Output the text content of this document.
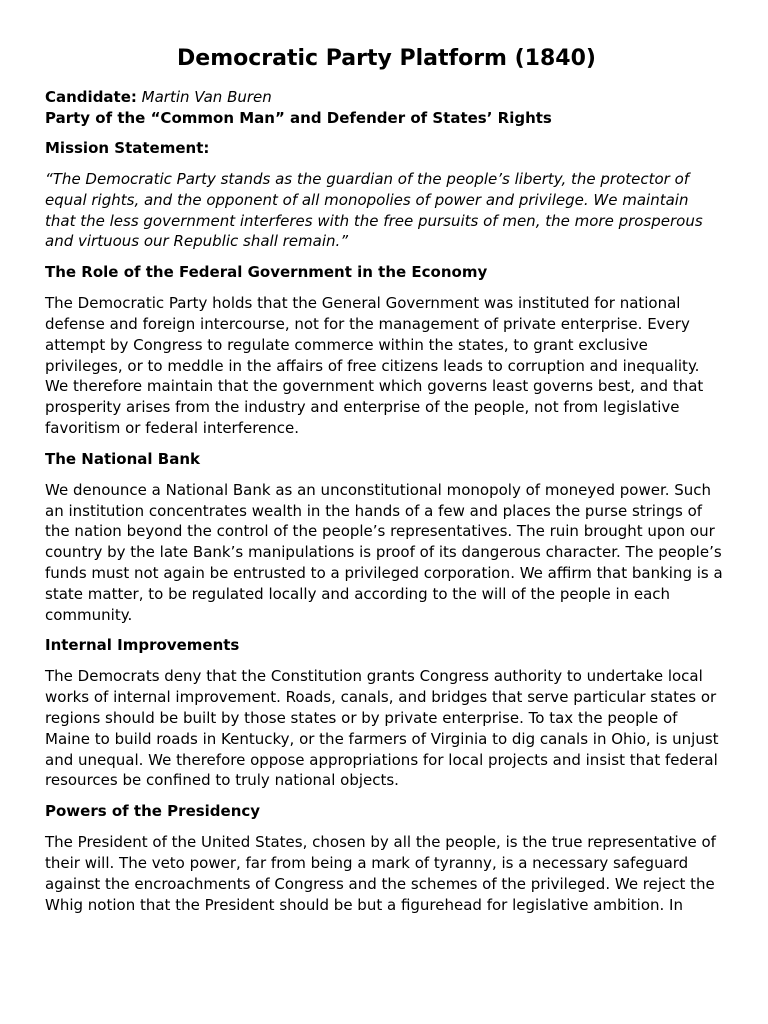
Democratic Party Platform (1840)
Candidate: Martin Van Buren
Party of the “Common Man” and Defender of States’ Rights
Mission Statement:

“The Democratic Party stands as the guardian of the people’s liberty, the protector of equal rights, and the opponent of all monopolies of power and privilege. We maintain that the less government interferes with the free pursuits of men, the more prosperous and virtuous our Republic shall remain.”

The Role of the Federal Government in the Economy

The Democratic Party holds that the General Government was instituted for national defense and foreign intercourse, not for the management of private enterprise. Every attempt by Congress to regulate commerce within the states, to grant exclusive privileges, or to meddle in the affairs of free citizens leads to corruption and inequality. We therefore maintain that the government which governs least governs best, and that prosperity arises from the industry and enterprise of the people, not from legislative favoritism or federal interference.

The National Bank

We denounce a National Bank as an unconstitutional monopoly of moneyed power. Such an institution concentrates wealth in the hands of a few and places the purse strings of the nation beyond the control of the people’s representatives. The ruin brought upon our country by the late Bank’s manipulations is proof of its dangerous character. The people’s funds must not again be entrusted to a privileged corporation. We affirm that banking is a state matter, to be regulated locally and according to the will of the people in each community.

Internal Improvements

The Democrats deny that the Constitution grants Congress authority to undertake local works of internal improvement. Roads, canals, and bridges that serve particular states or regions should be built by those states or by private enterprise. To tax the people of Maine to build roads in Kentucky, or the farmers of Virginia to dig canals in Ohio, is unjust and unequal. We therefore oppose appropriations for local projects and insist that federal resources be confined to truly national objects.

Powers of the Presidency

The President of the United States, chosen by all the people, is the true representative of their will. The veto power, far from being a mark of tyranny, is a necessary safeguard against the encroachments of Congress and the schemes of the privileged. We reject the Whig notion that the President should be but a figurehead for legislative ambition. In
